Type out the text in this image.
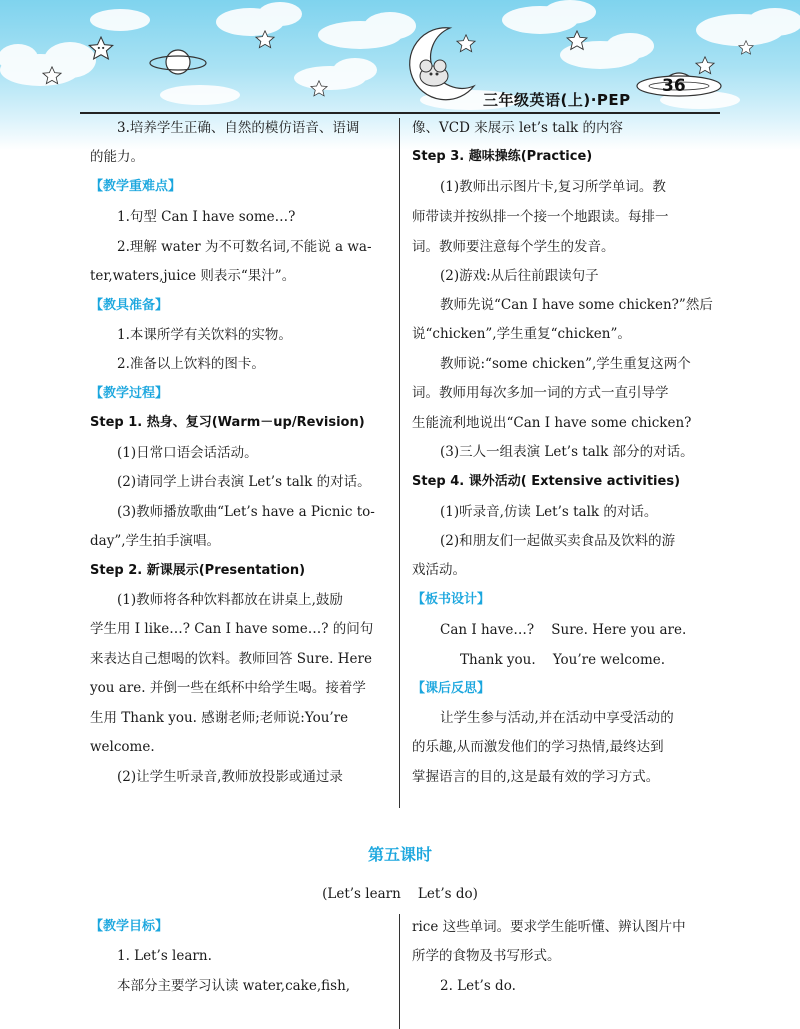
36
三年级英语(上)·PEP
3.培养学生正确、自然的模仿语音、语调
的能力。
【教学重难点】
1.句型 Can I have some…?
2.理解 water 为不可数名词,不能说 a wa-
ter,waters,juice 则表示“果汁”。
【教具准备】
1.本课所学有关饮料的实物。
2.准备以上饮料的图卡。
【教学过程】
Step 1. 热身、复习(Warm－up/Revision)
(1)日常口语会话活动。
(2)请同学上讲台表演 Let’s talk 的对话。
(3)教师播放歌曲“Let’s have a Picnic to-
day”,学生拍手演唱。
Step 2. 新课展示(Presentation)
(1)教师将各种饮料都放在讲桌上,鼓励
学生用 I like…? Can I have some…? 的问句
来表达自己想喝的饮料。教师回答 Sure. Here
you are. 并倒一些在纸杯中给学生喝。接着学
生用 Thank you. 感谢老师;老师说:You’re
welcome.
(2)让学生听录音,教师放投影或通过录
像、VCD 来展示 let’s talk 的内容
Step 3. 趣味操练(Practice)
(1)教师出示图片卡,复习所学单词。教
师带读并按纵排一个接一个地跟读。每排一
词。教师要注意每个学生的发音。
(2)游戏:从后往前跟读句子
教师先说“Can I have some chicken?”然后
说“chicken”,学生重复“chicken”。
教师说:“some chicken”,学生重复这两个
词。教师用每次多加一词的方式一直引导学
生能流利地说出“Can I have some chicken?
(3)三人一组表演 Let’s talk 部分的对话。
Step 4. 课外活动( Extensive activities)
(1)听录音,仿读 Let’s talk 的对话。
(2)和朋友们一起做买卖食品及饮料的游
戏活动。
【板书设计】
Can I have…?    Sure. Here you are.
Thank you.    You’re welcome.
【课后反思】
让学生参与活动,并在活动中享受活动的
的乐趣,从而激发他们的学习热情,最终达到
掌握语言的目的,这是最有效的学习方式。
第五课时
(Let’s learn    Let’s do)
【教学目标】
1. Let’s learn.
本部分主要学习认读 water,cake,fish,
rice 这些单词。要求学生能听懂、辨认图片中
所学的食物及书写形式。
2. Let’s do.
